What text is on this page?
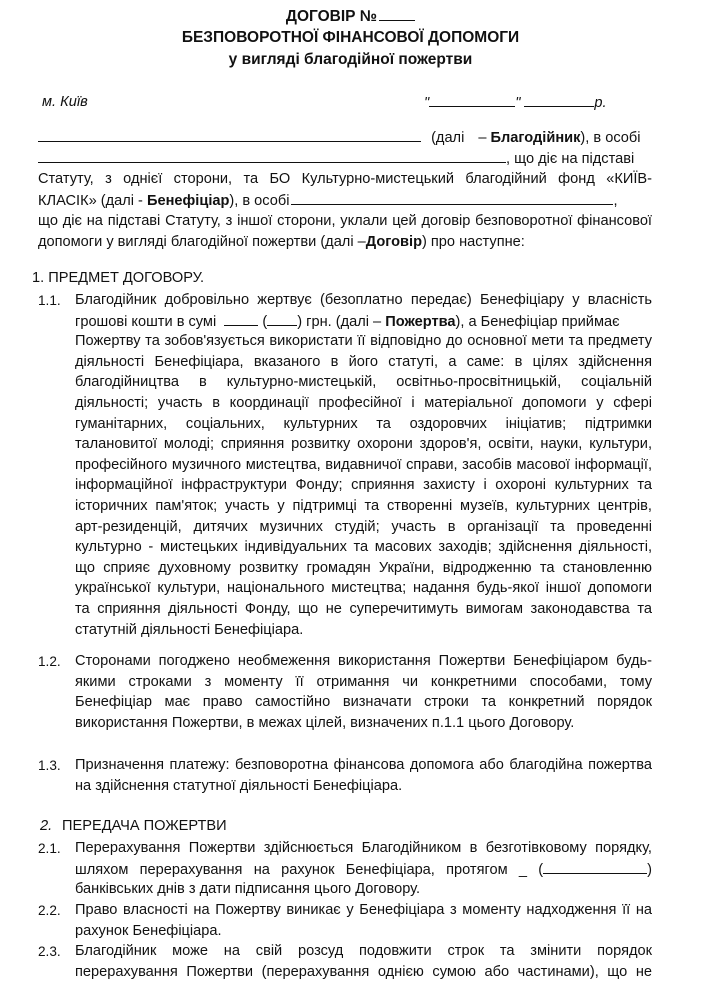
ДОГОВІР №
БЕЗПОВОРОТНОЇ ФІНАНСОВОЇ ДОПОМОГИ
у вигляді благодійної пожертви
м. Київ	"	"	р.
(далі – Благодійник), в особі
, що діє на підставі
Статуту, з однієї сторони, та БО Культурно-мистецький благодійний фонд «КИЇВ-
КЛАСІК» (далі - Бенефіціар), в особі	,
що діє на підставі Статуту, з іншої сторони, уклали цей договір безповоротної фінансової
допомоги у вигляді благодійної пожертви (далі –Договір) про наступне:
1. ПРЕДМЕТ ДОГОВОРУ.
1.1. Благодійник добровільно жертвує (безоплатно передає) Бенефіціару у власність
грошові кошти в сумі	( ) грн. (далі – Пожертва), а Бенефіціар приймає
Пожертву та зобов'язується використати її відповідно до основної мети та предмету
діяльності Бенефіціара, вказаного в його статуті, а саме: в цілях здійснення
благодійництва в культурно-мистецькій, освітньо-просвітницькій, соціальній
діяльності; участь в координації професійної і матеріальної допомоги у сфері
гуманітарних, соціальних, культурних та оздоровчих ініціатив; підтримки
талановитої молоді; сприяння розвитку охорони здоров'я, освіти, науки, культури,
професійного музичного мистецтва, видавничої справи, засобів масової інформації,
інформаційної інфраструктури Фонду; сприяння захисту і охороні культурних та
історичних пам'яток; участь у підтримці та створенні музеїв, культурних центрів,
арт-резиденцій, дитячих музичних студій; участь в організації та проведенні
культурно - мистецьких індивідуальних та масових заходів; здійснення діяльності,
що сприяє духовному розвитку громадян України, відродженню та становленню
української культури, національного мистецтва; надання будь-якої іншої допомоги
та сприяння діяльності Фонду, що не суперечитимуть вимогам законодавства та
статутній діяльності Бенефіціара.
1.2. Сторонами погоджено необмеження використання Пожертви Бенефіціаром будь-
якими строками з моменту її отримання чи конкретними способами, тому
Бенефіціар має право самостійно визначати строки та конкретний порядок
використання Пожертви, в межах цілей, визначених п.1.1 цього Договору.
1.3. Призначення платежу: безповоротна фінансова допомога або благодійна пожертва
на здійснення статутної діяльності Бенефіціара.
2. ПЕРЕДАЧА ПОЖЕРТВИ
2.1. Перерахування Пожертви здійснюється Благодійником в безготівковому порядку,
шляхом перерахування на рахунок Бенефіціара, протягом _ (	)
банківських днів з дати підписання цього Договору.
2.2. Право власності на Пожертву виникає у Бенефіціара з моменту надходження її на
рахунок Бенефіціара.
2.3. Благодійник може на свій розсуд подовжити строк та змінити порядок
перерахування Пожертви (перерахування однією сумою або частинами), що не
